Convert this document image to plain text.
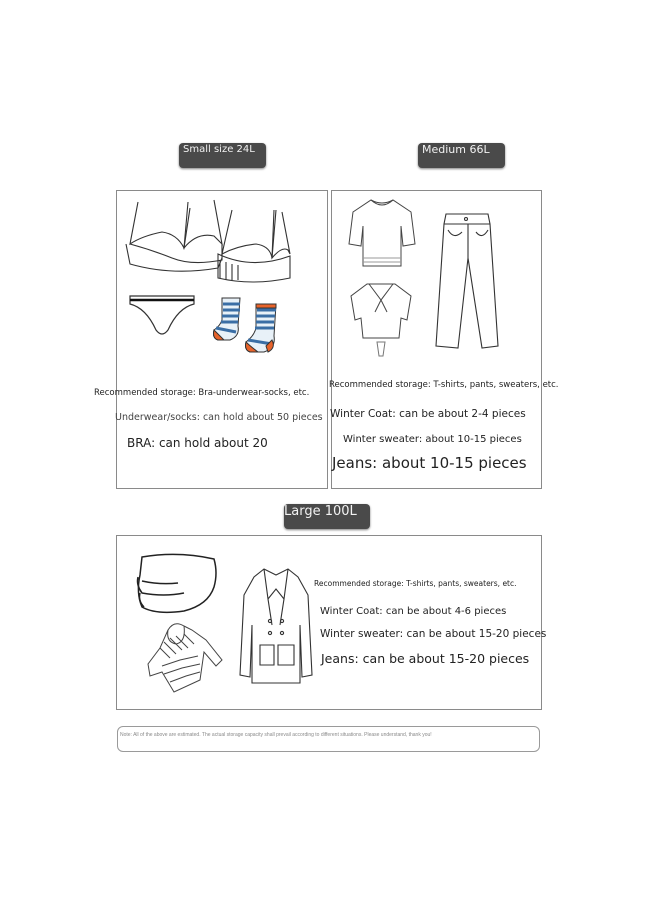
Small size 24L
Recommended storage: Bra-underwear-socks, etc.
Underwear/socks: can hold about 50 pieces
BRA: can hold about 20
Medium 66L
Recommended storage: T-shirts, pants, sweaters, etc.
Winter Coat: can be about 2-4 pieces
Winter sweater: about 10-15 pieces
Jeans: about 10-15 pieces
Large 100L
Recommended storage: T-shirts, pants, sweaters, etc.
Winter Coat: can be about 4-6 pieces
Winter sweater: can be about 15-20 pieces
Jeans: can be about 15-20 pieces
Note: All of the above are estimated. The actual storage capacity shall prevail according to different situations. Please understand, thank you!
